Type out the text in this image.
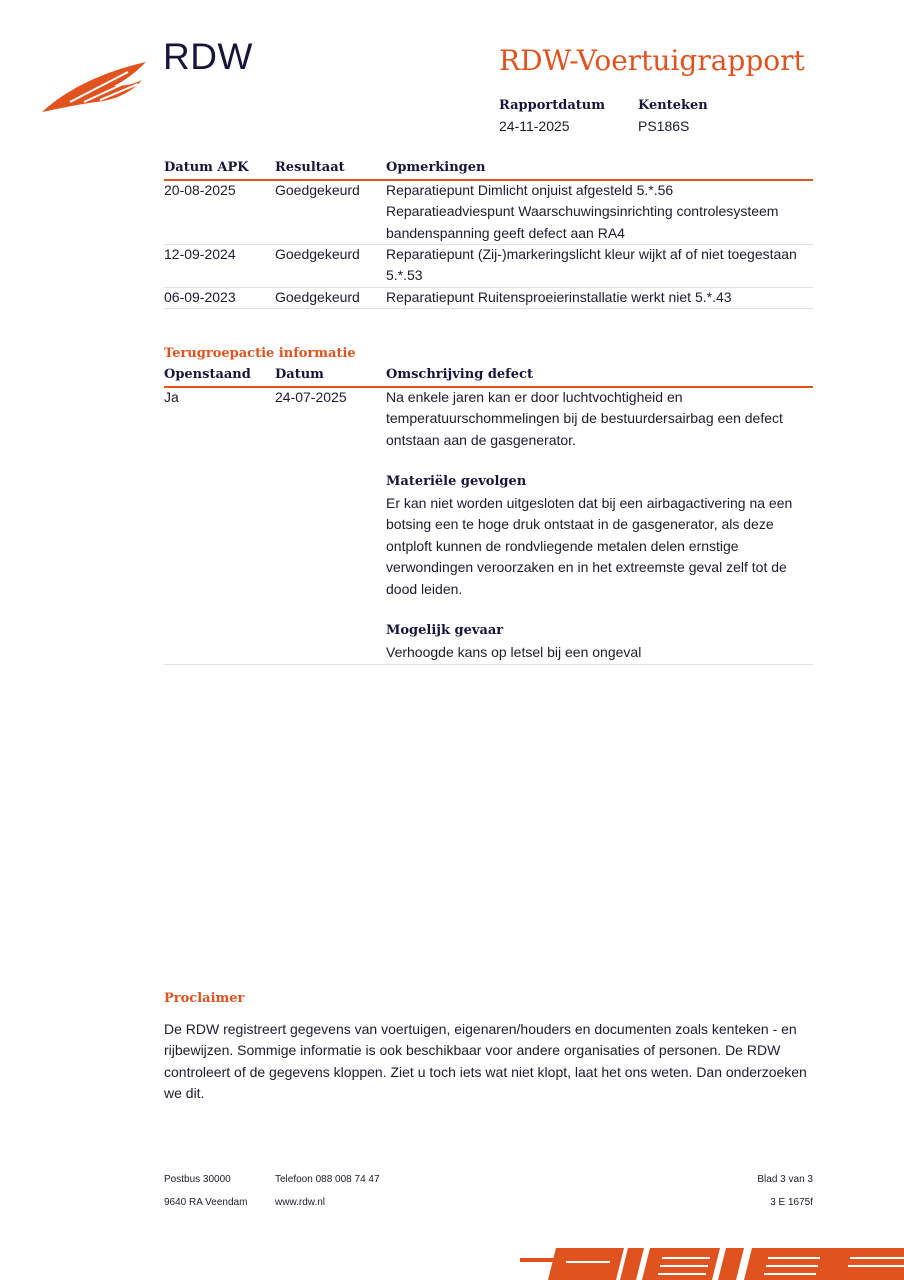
RDW	RDW-Voertuigrapport
Rapportdatum
24-11-2025
Kenteken
PS186S
Datum APK Resultaat	Opmerkingen
20-08-2025	Goedgekeurd Reparatiepunt Dimlicht onjuist afgesteld 5.*.56
Reparatieadviespunt Waarschuwingsinrichting controlesysteem
bandenspanning geeft defect aan RA4
12-09-2024	Goedgekeurd Reparatiepunt (Zij-)markeringslicht kleur wijkt af of niet toegestaan
5.*.53
06-09-2023	Goedgekeurd Reparatiepunt Ruitensproeierinstallatie werkt niet 5.*.43
Terugroepactie informatie
Openstaand Datum	Omschrijving defect
Ja	24-07-2025	Na enkele jaren kan er door luchtvochtigheid en
temperatuurschommelingen bij de bestuurdersairbag een defect
ontstaan aan de gasgenerator.
Materiële gevolgen
Er kan niet worden uitgesloten dat bij een airbagactivering na een
botsing een te hoge druk ontstaat in de gasgenerator, als deze
ontploft kunnen de rondvliegende metalen delen ernstige
verwondingen veroorzaken en in het extreemste geval zelf tot de
dood leiden.
Mogelijk gevaar
Verhoogde kans op letsel bij een ongeval
Proclaimer
De RDW registreert gegevens van voertuigen, eigenaren/houders en documenten zoals kenteken - en
rijbewijzen. Sommige informatie is ook beschikbaar voor andere organisaties of personen. De RDW
controleert of de gegevens kloppen. Ziet u toch iets wat niet klopt, laat het ons weten. Dan onderzoeken
we dit.
Postbus 30000
9640 RA Veendam
Telefoon 088 008 74 47
www.rdw.nl
Blad 3 van 3
3 E 1675f
